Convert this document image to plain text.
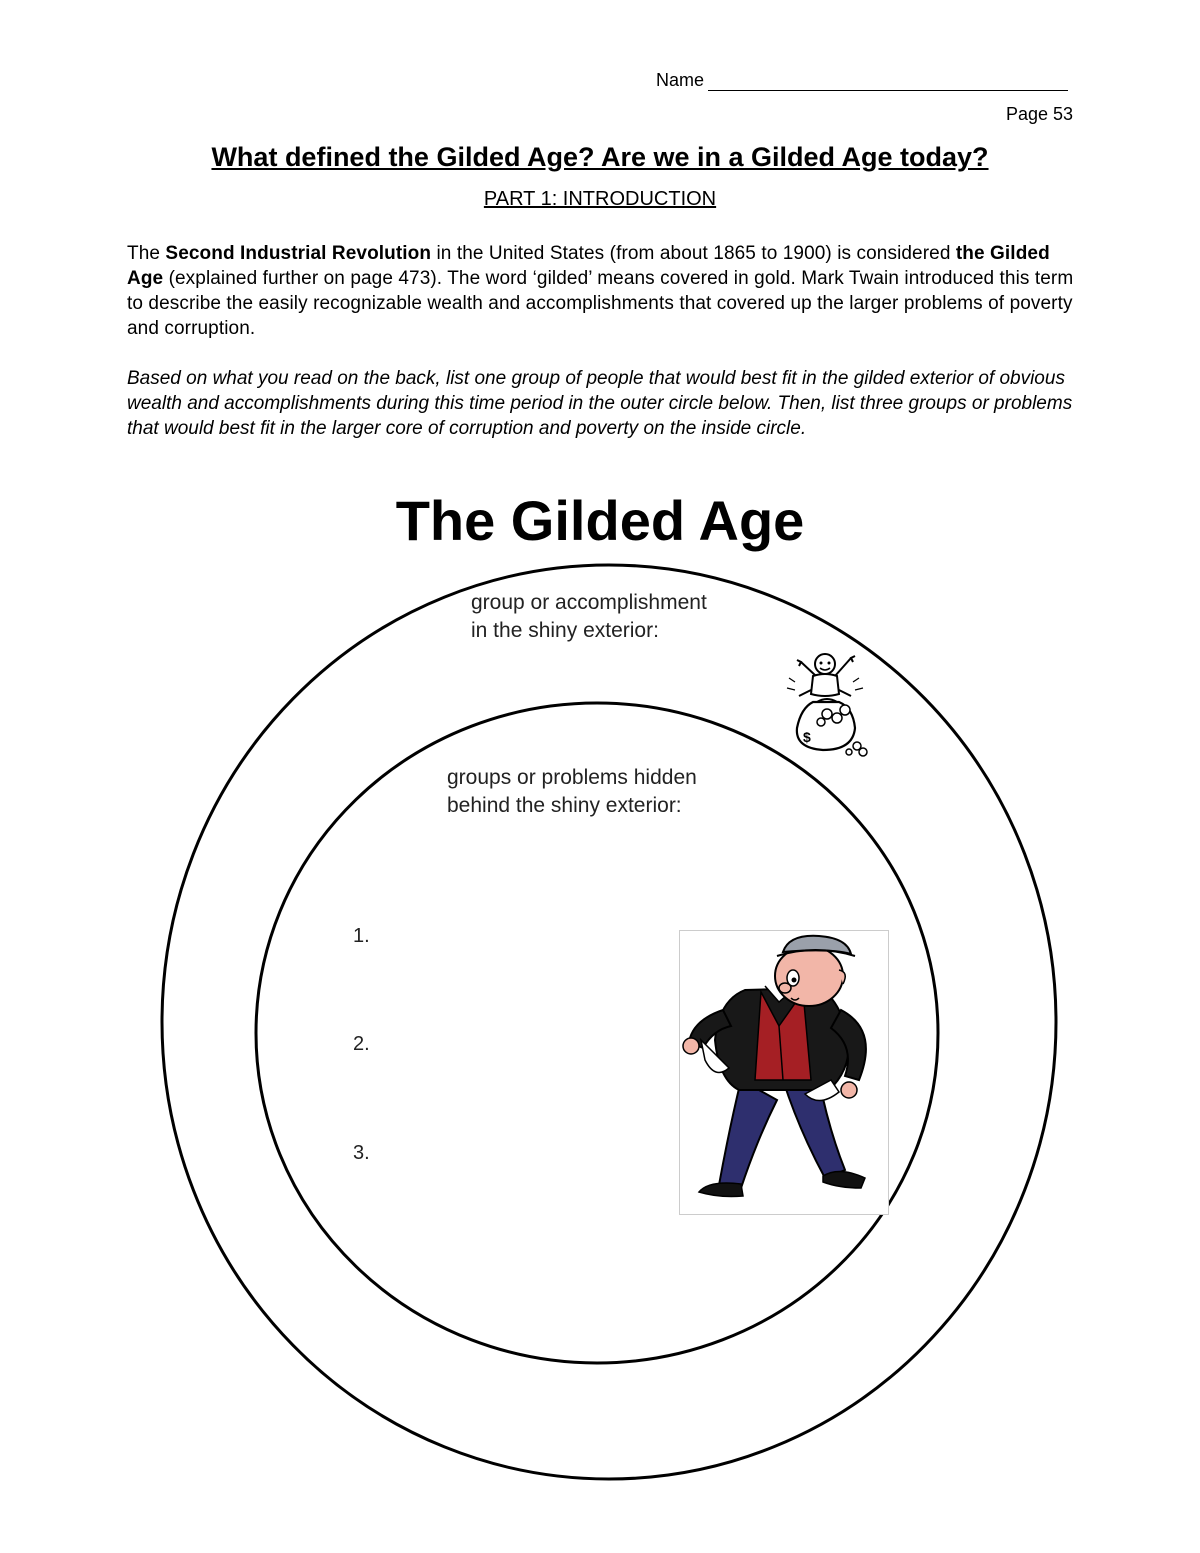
Name
Page 53
What defined the Gilded Age? Are we in a Gilded Age today?
PART 1: INTRODUCTION
The Second Industrial Revolution in the United States (from about 1865 to 1900) is considered the Gilded Age (explained further on page 473). The word ‘gilded’ means covered in gold. Mark Twain introduced this term to describe the easily recognizable wealth and accomplishments that covered up the larger problems of poverty and corruption.
Based on what you read on the back, list one group of people that would best fit in the gilded exterior of obvious wealth and accomplishments during this time period in the outer circle below. Then, list three groups or problems that would best fit in the larger core of corruption and poverty on the inside circle.
The Gilded Age
group or accomplishment
in the shiny exterior:
groups or problems hidden
behind the shiny exterior:
1.
2.
3.
$
